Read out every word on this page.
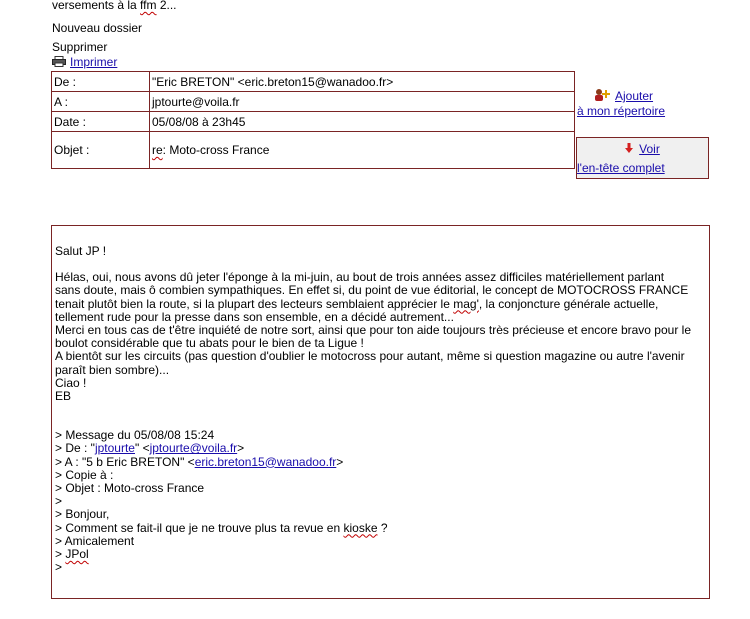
versements à la ffm 2...
Nouveau dossier
Supprimer
Imprimer
De :	"Eric BRETON" <eric.breton15@wanadoo.fr>
A :	jptourte@voila.fr
Date :	05/08/08 à 23h45
Objet :	re: Moto-cross France
Ajouter
à mon répertoire
Voir
l'en-tête complet
Salut JP !
Hélas, oui, nous avons dû jeter l'éponge à la mi-juin, au bout de trois années assez difficiles matériellement parlant
sans doute, mais ô combien sympathiques. En effet si, du point de vue éditorial, le concept de MOTOCROSS FRANCE
tenait plutôt bien la route, si la plupart des lecteurs semblaient apprécier le mag', la conjoncture générale actuelle,
tellement rude pour la presse dans son ensemble, en a décidé autrement...
Merci en tous cas de t'être inquiété de notre sort, ainsi que pour ton aide toujours très précieuse et encore bravo pour le
boulot considérable que tu abats pour le bien de ta Ligue !
A bientôt sur les circuits (pas question d'oublier le motocross pour autant, même si question magazine ou autre l'avenir
paraît bien sombre)...
Ciao !
EB
> Message du 05/08/08 15:24
> De : "jptourte" <jptourte@voila.fr>
> A : "5 b Eric BRETON" <eric.breton15@wanadoo.fr>
> Copie à :
> Objet : Moto-cross France
>
> Bonjour,
> Comment se fait-il que je ne trouve plus ta revue en kioske ?
> Amicalement
> JPol
>
